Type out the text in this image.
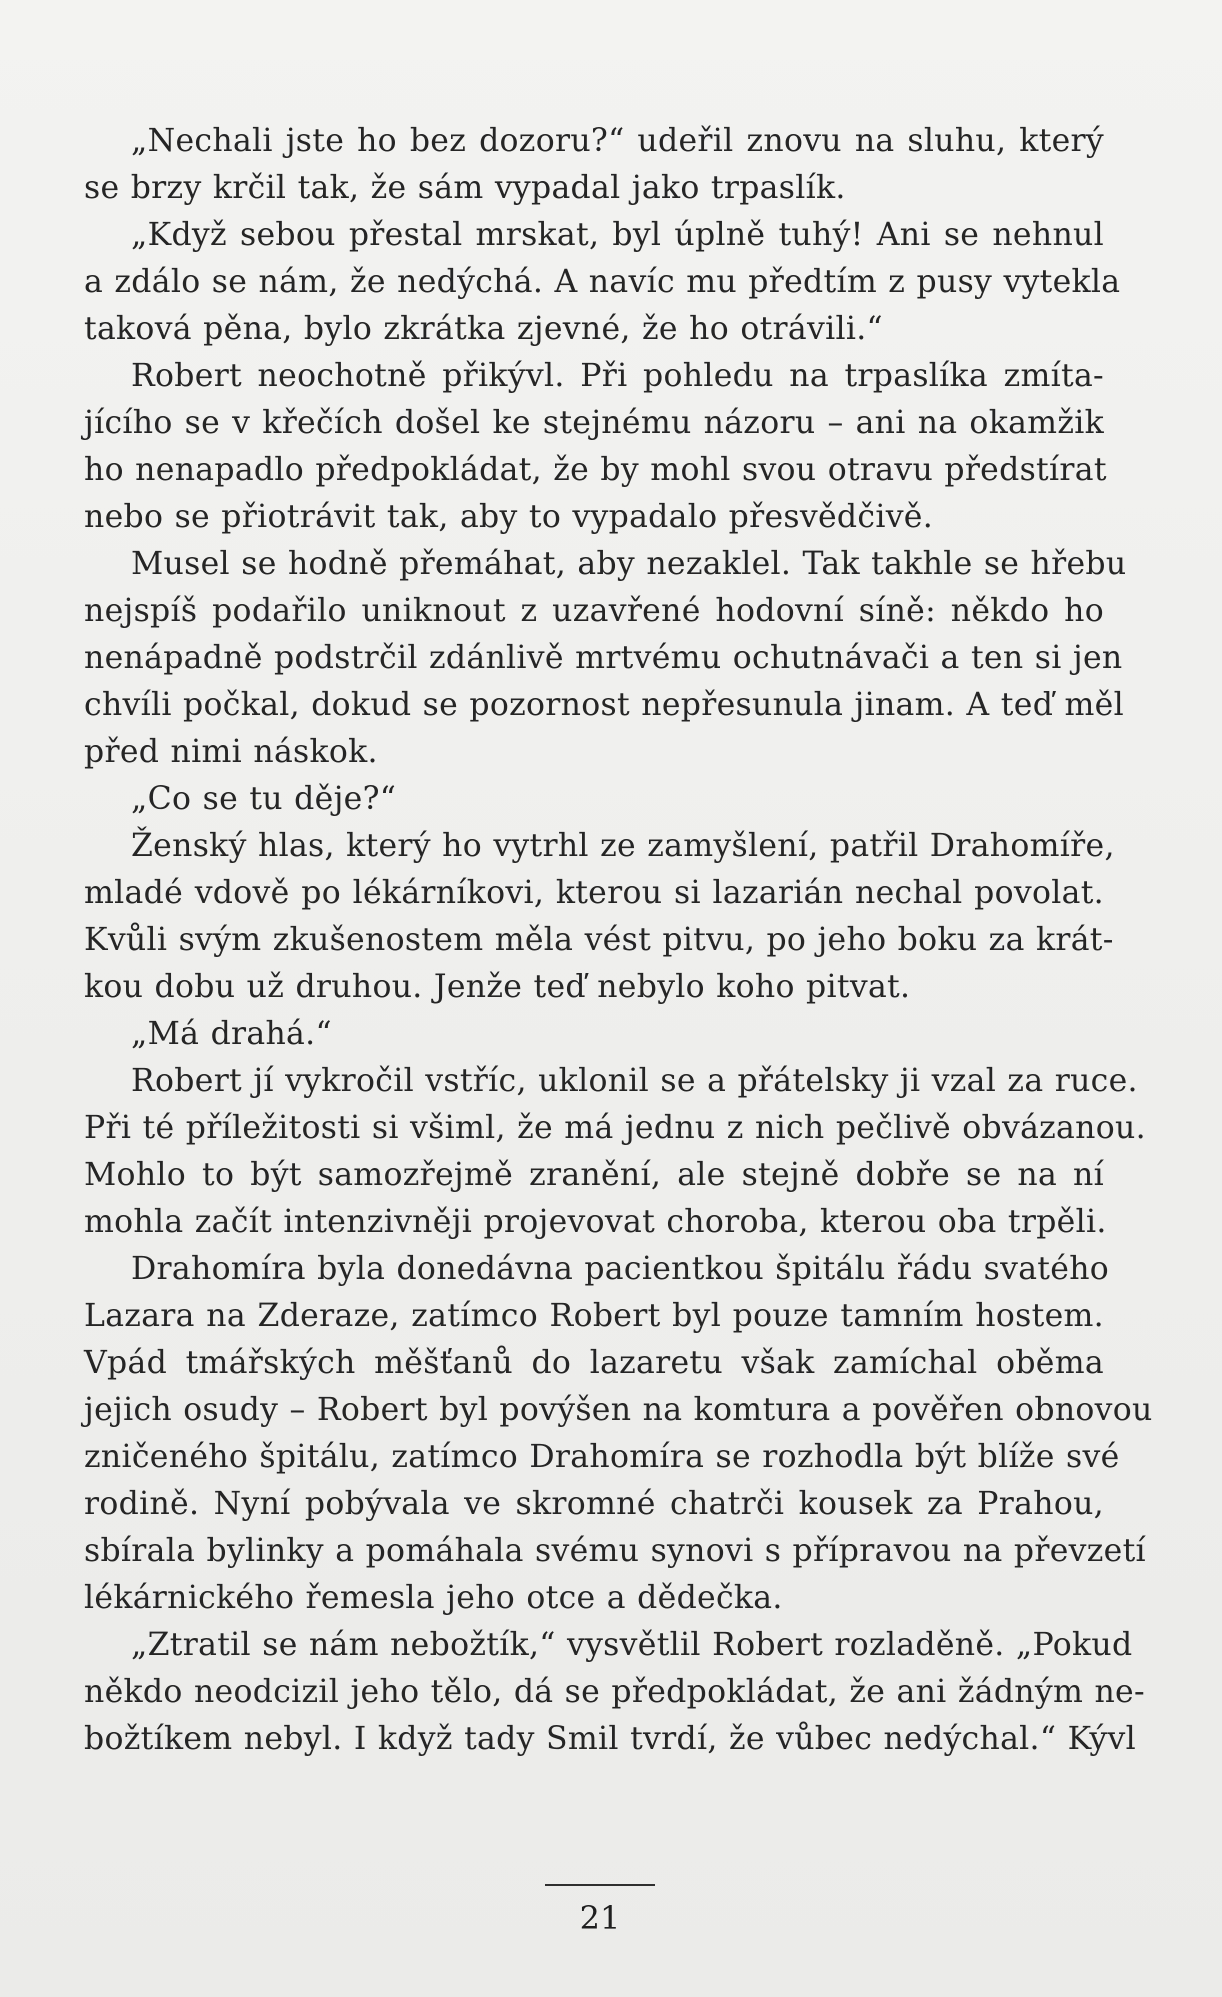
„Nechali jste ho bez dozoru?“ udeřil znovu na sluhu, který
se brzy krčil tak, že sám vypadal jako trpaslík.
„Když sebou přestal mrskat, byl úplně tuhý! Ani se nehnul
a zdálo se nám, že nedýchá. A navíc mu předtím z pusy vytekla
taková pěna, bylo zkrátka zjevné, že ho otrávili.“
Robert neochotně přikývl. Při pohledu na trpaslíka zmíta-
jícího se v křečích došel ke stejnému názoru – ani na okamžik
ho nenapadlo předpokládat, že by mohl svou otravu předstírat
nebo se přiotrávit tak, aby to vypadalo přesvědčivě.
Musel se hodně přemáhat, aby nezaklel. Tak takhle se hřebu
nejspíš podařilo uniknout z uzavřené hodovní síně: někdo ho
nenápadně podstrčil zdánlivě mrtvému ochutnávači a ten si jen
chvíli počkal, dokud se pozornost nepřesunula jinam. A teď měl
před nimi náskok.
„Co se tu děje?“
Ženský hlas, který ho vytrhl ze zamyšlení, patřil Drahomíře,
mladé vdově po lékárníkovi, kterou si lazarián nechal povolat.
Kvůli svým zkušenostem měla vést pitvu, po jeho boku za krát-
kou dobu už druhou. Jenže teď nebylo koho pitvat.
„Má drahá.“
Robert jí vykročil vstříc, uklonil se a přátelsky ji vzal za ruce.
Při té příležitosti si všiml, že má jednu z nich pečlivě obvázanou.
Mohlo to být samozřejmě zranění, ale stejně dobře se na ní
mohla začít intenzivněji projevovat choroba, kterou oba trpěli.
Drahomíra byla donedávna pacientkou špitálu řádu svatého
Lazara na Zderaze, zatímco Robert byl pouze tamním hostem.
Vpád tmářských měšťanů do lazaretu však zamíchal oběma
jejich osudy – Robert byl povýšen na komtura a pověřen obnovou
zničeného špitálu, zatímco Drahomíra se rozhodla být blíže své
rodině. Nyní pobývala ve skromné chatrči kousek za Prahou,
sbírala bylinky a pomáhala svému synovi s přípravou na převzetí
lékárnického řemesla jeho otce a dědečka.
„Ztratil se nám nebožtík,“ vysvětlil Robert rozladěně. „Pokud
někdo neodcizil jeho tělo, dá se předpokládat, že ani žádným ne-
božtíkem nebyl. I když tady Smil tvrdí, že vůbec nedýchal.“ Kývl
21
